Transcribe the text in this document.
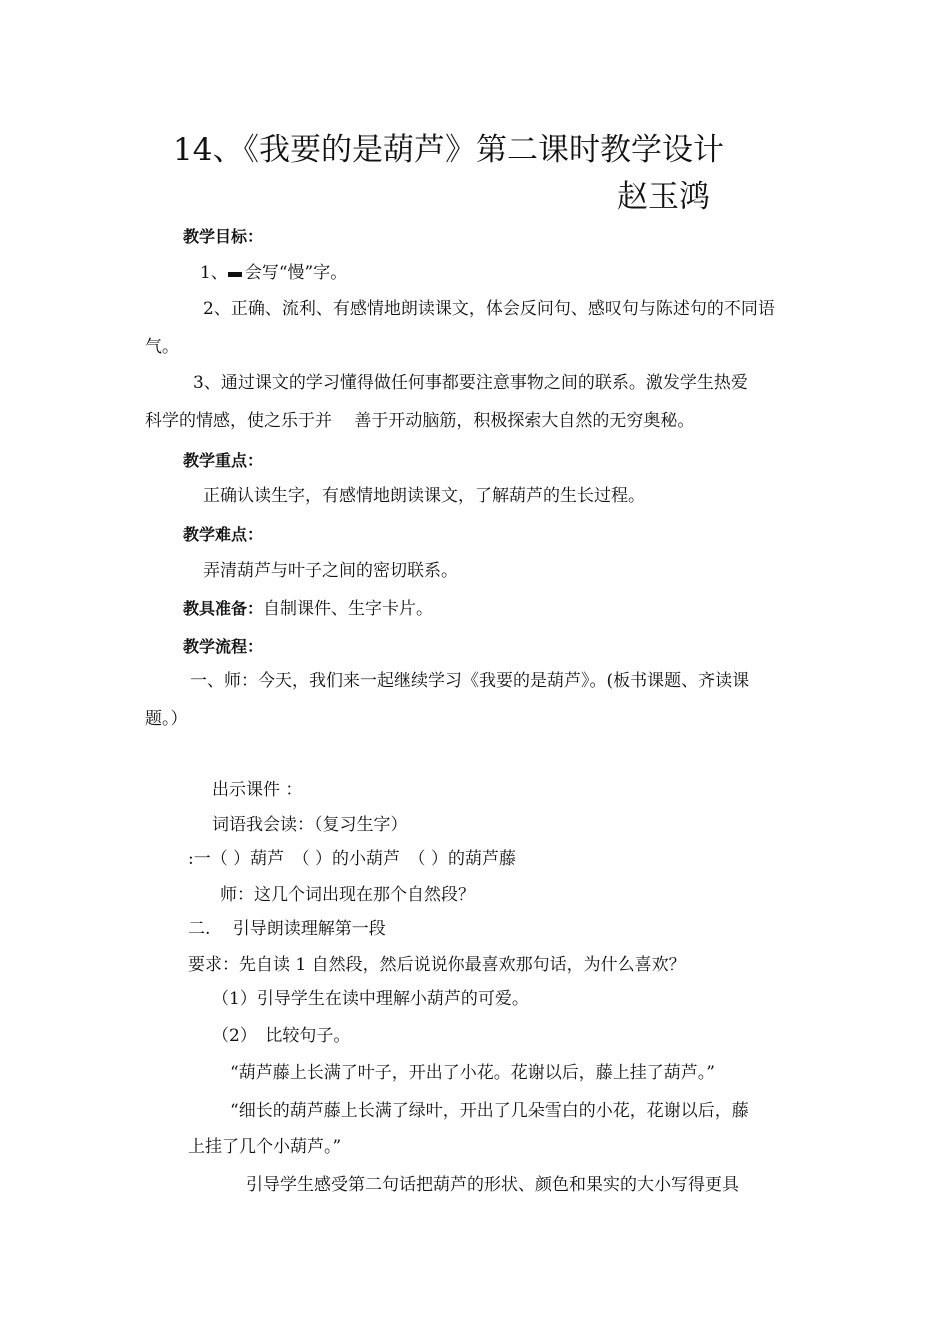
14、《我要的是葫芦》第二课时教学设计
赵玉鸿
教学目标：
1、 会写“慢”字。
2、正确、流利、有感情地朗读课文，体会反问句、感叹句与陈述句的不同语
气。
3、通过课文的学习懂得做任何事都要注意事物之间的联系。激发学生热爱
科学的情感，使之乐于并　 善于开动脑筋，积极探索大自然的无穷奥秘。
教学重点：
正确认读生字，有感情地朗读课文，了解葫芦的生长过程。
教学难点：
弄清葫芦与叶子之间的密切联系。
教具准备：自制课件、生字卡片。
教学流程：
一、师：今天，我们来一起继续学习《我要的是葫芦》。(板书课题、齐读课
题。）
出示课件 ：
词语我会读：（复习生字）
:一（ ）葫芦　（ ）的小葫芦　（ ）的葫芦藤
师：这几个词出现在那个自然段？
二.　 引导朗读理解第一段
要求：先自读 1 自然段，然后说说你最喜欢那句话，为什么喜欢？
（1）引导学生在读中理解小葫芦的可爱。
（2）　比较句子。
“葫芦藤上长满了叶子，开出了小花。花谢以后，藤上挂了葫芦。”
“细长的葫芦藤上长满了绿叶，开出了几朵雪白的小花，花谢以后，藤
上挂了几个小葫芦。”
引导学生感受第二句话把葫芦的形状、颜色和果实的大小写得更具
